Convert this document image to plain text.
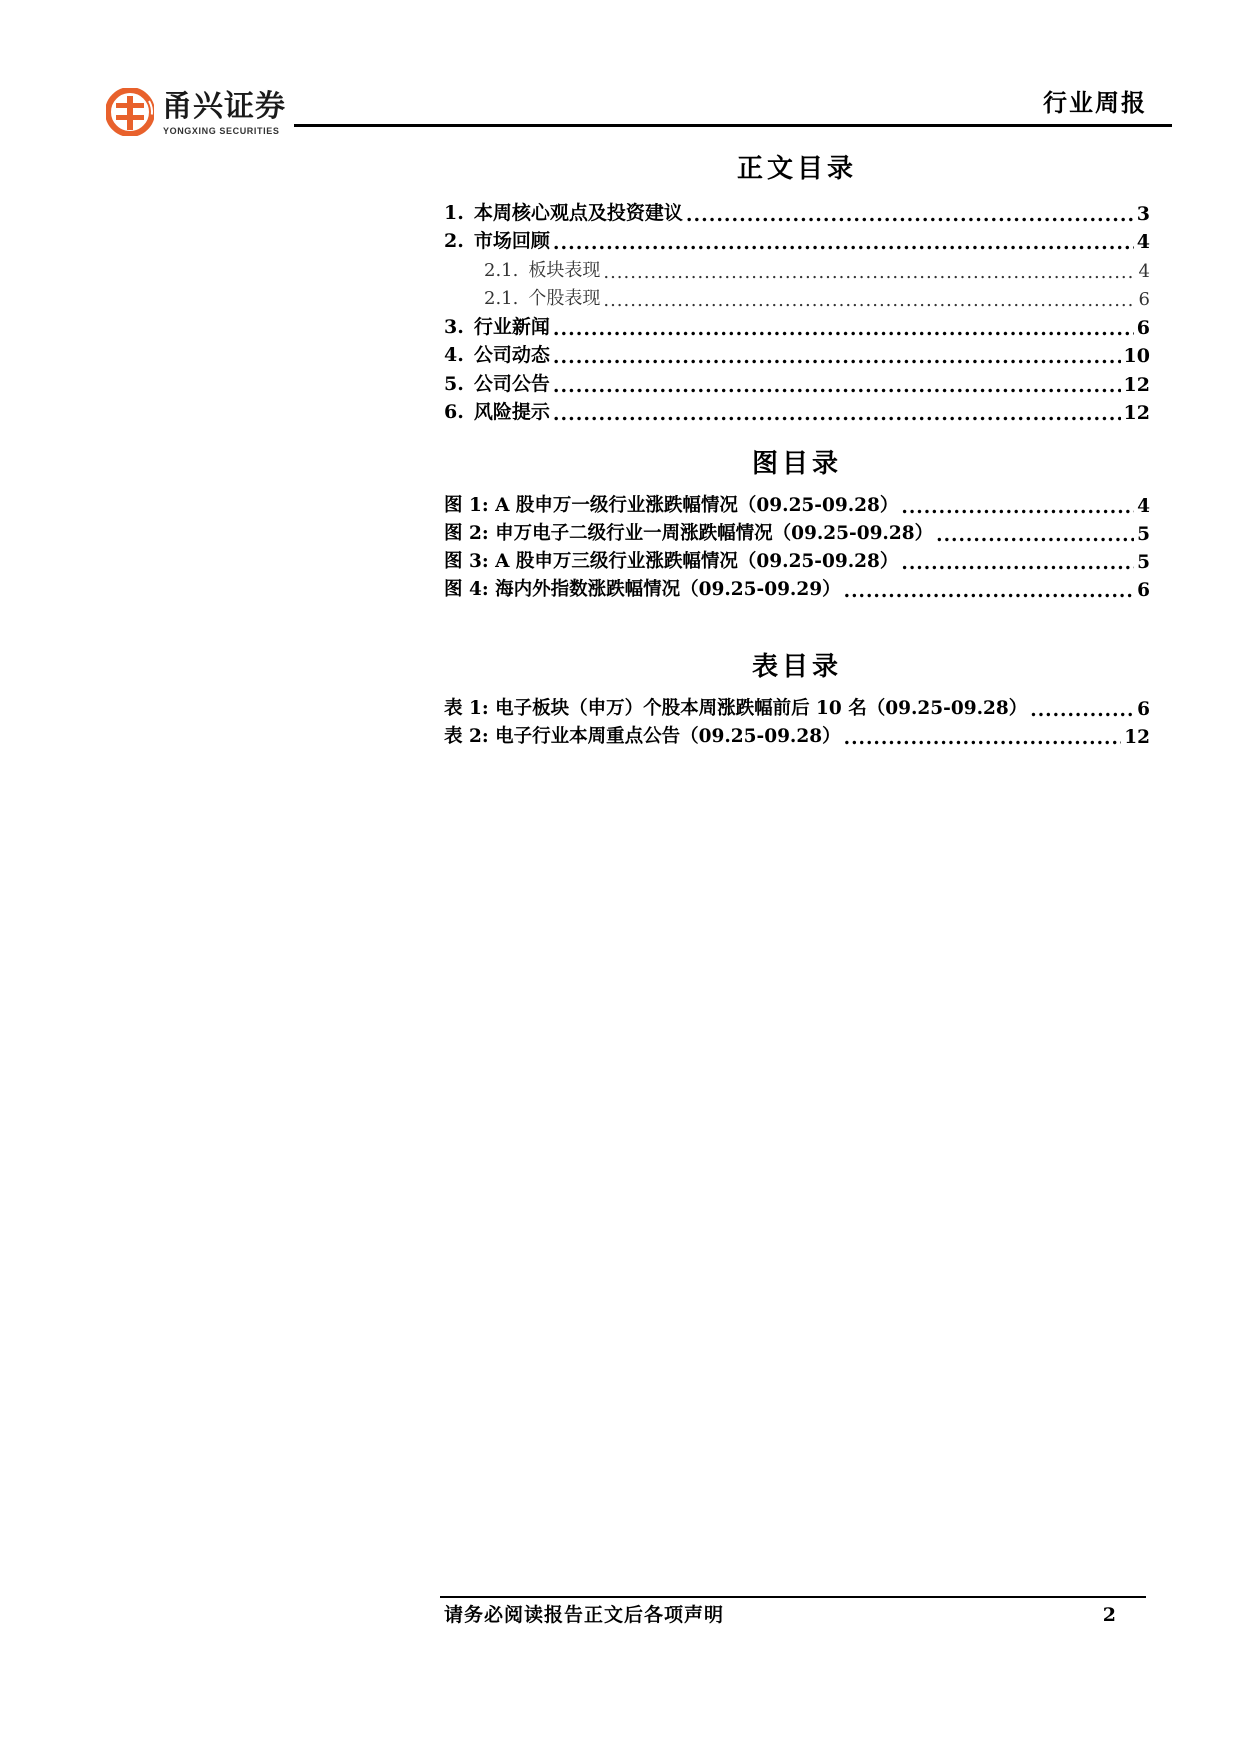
甬兴证券
YONGXING SECURITIES
行业周报
正文目录
1. 本周核心观点及投资建议 .....	3
2. 市场回顾 .....	4
2.1. 板块表现 .....	4
2.1. 个股表现 .....	6
3. 行业新闻 .....	6
4. 公司动态 .....	10
5. 公司公告 .....	12
6. 风险提示 .....	12
图目录
图 1: A 股申万一级行业涨跌幅情况（09.25-09.28） .....	4
图 2: 申万电子二级行业一周涨跌幅情况（09.25-09.28） .....	5
图 3: A 股申万三级行业涨跌幅情况（09.25-09.28） .....	5
图 4: 海内外指数涨跌幅情况（09.25-09.29） .....	6
表目录
表 1: 电子板块（申万）个股本周涨跌幅前后 10 名（09.25-09.28） .....	6
表 2: 电子行业本周重点公告（09.25-09.28） .....	12
请务必阅读报告正文后各项声明	2
